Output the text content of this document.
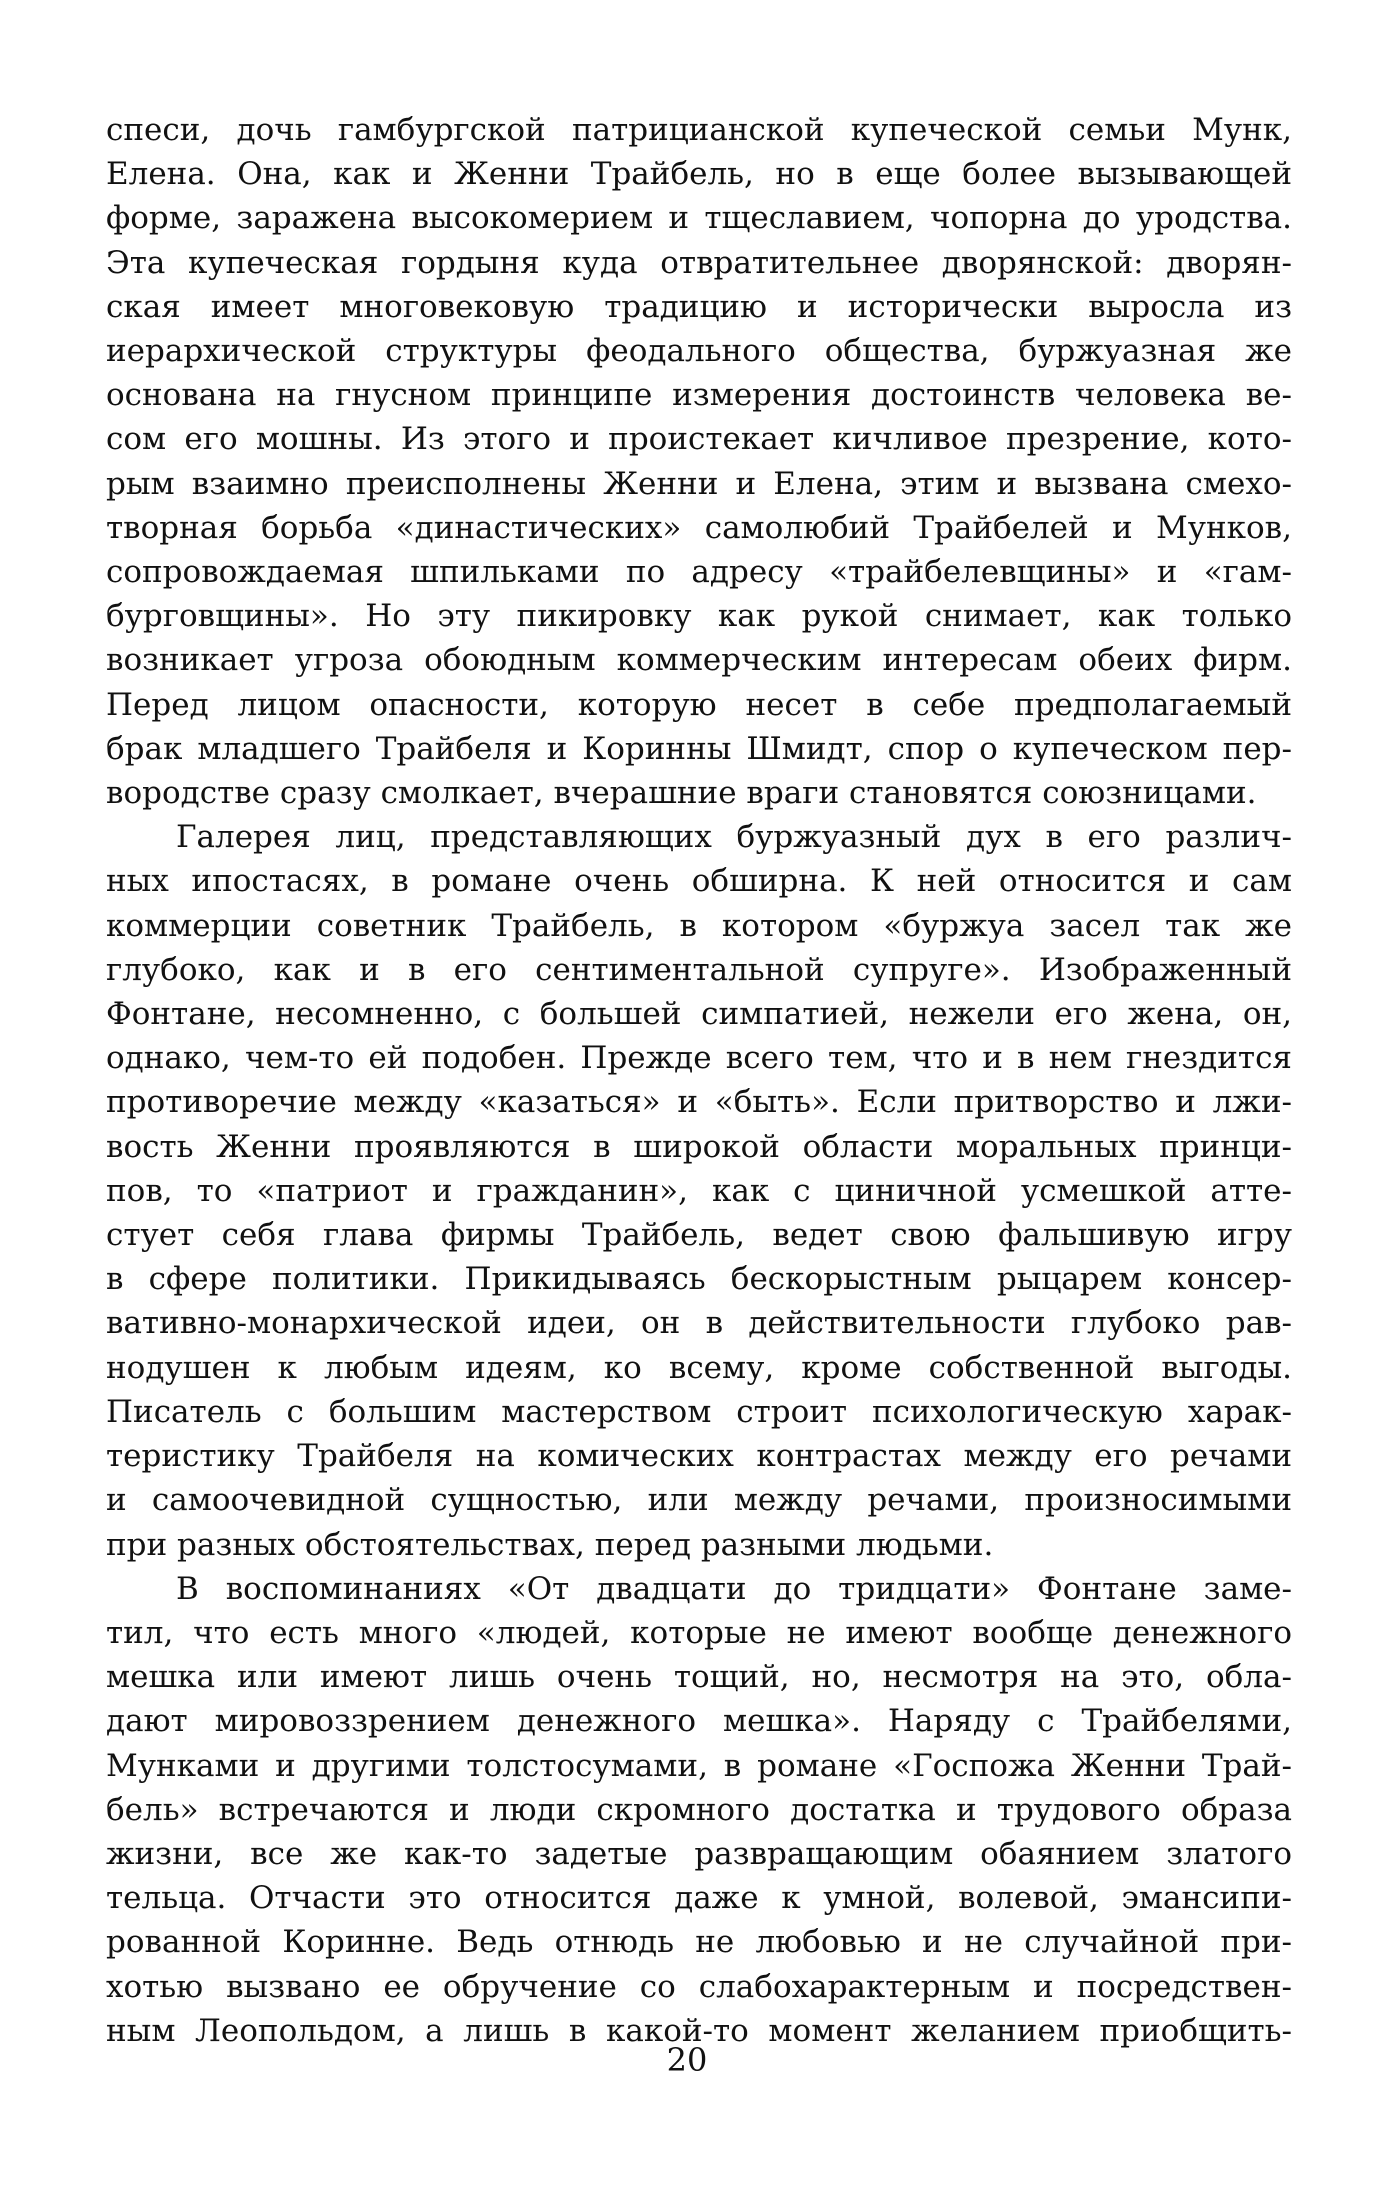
спеси, дочь гамбургской патрицианской купеческой семьи Мунк,
Елена. Она, как и Женни Трайбель, но в еще более вызывающей
форме, заражена высокомерием и тщеславием, чопорна до уродства.
Эта купеческая гордыня куда отвратительнее дворянской: дворян-
ская имеет многовековую традицию и исторически выросла из
иерархической структуры феодального общества, буржуазная же
основана на гнусном принципе измерения достоинств человека ве-
сом его мошны. Из этого и проистекает кичливое презрение, кото-
рым взаимно преисполнены Женни и Елена, этим и вызвана смехо-
творная борьба «династических» самолюбий Трайбелей и Мунков,
сопровождаемая шпильками по адресу «трайбелевщины» и «гам-
бурговщины». Но эту пикировку как рукой снимает, как только
возникает угроза обоюдным коммерческим интересам обеих фирм.
Перед лицом опасности, которую несет в себе предполагаемый
брак младшего Трайбеля и Коринны Шмидт, спор о купеческом пер-
вородстве сразу смолкает, вчерашние враги становятся союзницами.

Галерея лиц, представляющих буржуазный дух в его различ-
ных ипостасях, в романе очень обширна. К ней относится и сам
коммерции советник Трайбель, в котором «буржуа засел так же
глубоко, как и в его сентиментальной супруге». Изображенный
Фонтане, несомненно, с большей симпатией, нежели его жена, он,
однако, чем-то ей подобен. Прежде всего тем, что и в нем гнездится
противоречие между «казаться» и «быть». Если притворство и лжи-
вость Женни проявляются в широкой области моральных принци-
пов, то «патриот и гражданин», как с циничной усмешкой атте-
стует себя глава фирмы Трайбель, ведет свою фальшивую игру
в сфере политики. Прикидываясь бескорыстным рыцарем консер-
вативно-монархической идеи, он в действительности глубоко рав-
нодушен к любым идеям, ко всему, кроме собственной выгоды.
Писатель с большим мастерством строит психологическую харак-
теристику Трайбеля на комических контрастах между его речами
и самоочевидной сущностью, или между речами, произносимыми
при разных обстоятельствах, перед разными людьми.

В воспоминаниях «От двадцати до тридцати» Фонтане заме-
тил, что есть много «людей, которые не имеют вообще денежного
мешка или имеют лишь очень тощий, но, несмотря на это, обла-
дают мировоззрением денежного мешка». Наряду с Трайбелями,
Мунками и другими толстосумами, в романе «Госпожа Женни Трай-
бель» встречаются и люди скромного достатка и трудового образа
жизни, все же как-то задетые развращающим обаянием златого
тельца. Отчасти это относится даже к умной, волевой, эмансипи-
рованной Коринне. Ведь отнюдь не любовью и не случайной при-
хотью вызвано ее обручение со слабохарактерным и посредствен-
ным Леопольдом, а лишь в какой-то момент желанием приобщить-

20
